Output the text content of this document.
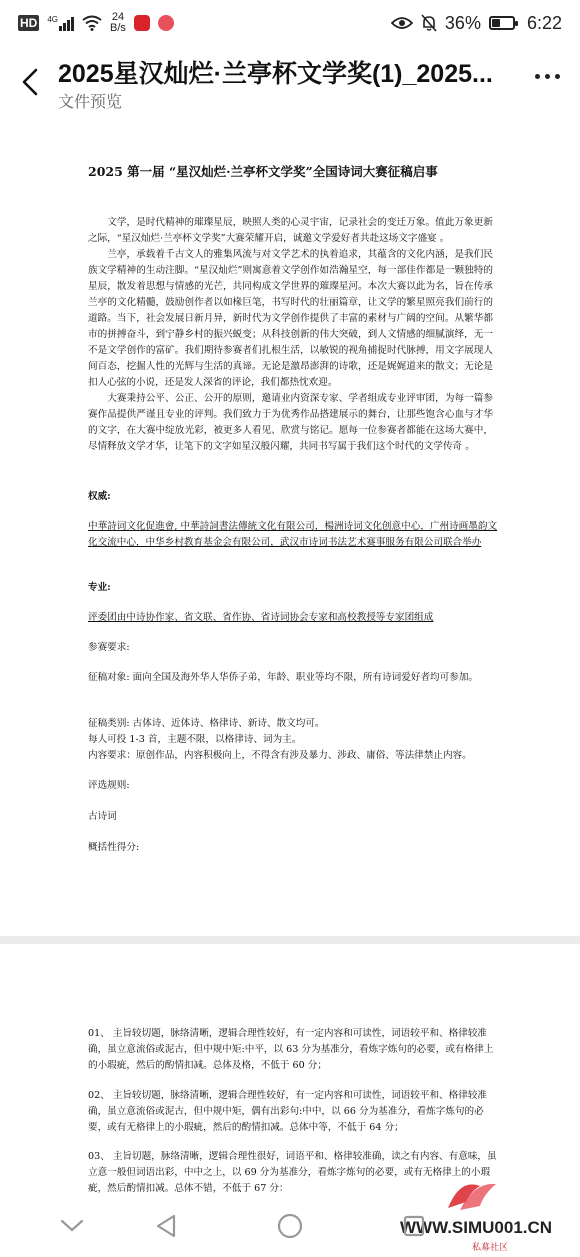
HD 4G	24
B/s	36%	6:22
2025星汉灿烂·兰亭杯文学奖(1)_2025...
文件预览
2025 第一届 “星汉灿烂·兰亭杯文学奖”全国诗词大赛征稿启事

文学，是时代精神的璀璨星辰，映照人类的心灵宇宙，记录社会的变迁万象。值此万象更新之际，“星汉灿烂·兰亭杯文学奖”大赛荣耀开启，诚邀文学爱好者共赴这场文字盛宴 。

兰亭，承载着千古文人的雅集风流与对文学艺术的执着追求，其蕴含的文化内涵，是我们民族文学精神的生动注脚。“星汉灿烂”则寓意着文学创作如浩瀚星空，每一部佳作都是一颗独特的星辰，散发着思想与情感的光芒，共同构成文学世界的璀璨星河。本次大赛以此为名，旨在传承兰亭的文化精髓，鼓励创作者以如椽巨笔，书写时代的壮丽篇章，让文学的繁星照亮我们前行的道路。当下，社会发展日新月异，新时代为文学创作提供了丰富的素材与广阔的空间。从繁华都市的拼搏奋斗，到宁静乡村的振兴蜕变；从科技创新的伟大突破，到人文情感的细腻演绎，无一不是文学创作的富矿。我们期待参赛者们扎根生活，以敏锐的视角捕捉时代脉搏，用文字展现人间百态，挖掘人性的光辉与生活的真谛。无论是激昂澎湃的诗歌，还是娓娓道来的散文；无论是扣人心弦的小说，还是发人深省的评论，我们都热忱欢迎。

大赛秉持公平、公正、公开的原则，邀请业内资深专家、学者组成专业评审团，为每一篇参赛作品提供严谨且专业的评判。我们致力于为优秀作品搭建展示的舞台，让那些饱含心血与才华的文字，在大赛中绽放光彩，被更多人看见、欣赏与铭记。愿每一位参赛者都能在这场大赛中，尽情释放文学才华，让笔下的文字如星汉般闪耀，共同书写属于我们这个时代的文学传奇 。

权威:
中華詩词文化促進會, 中華詩詞書法傳統文化有限公司，楊洲诗词文化创意中心，广州诗画墨韵文化交流中心，中华乡村教育基金会有限公司，武汉市诗词书法艺术赛事服务有限公司联合举办
专业:
评委团由中诗协作家、省文联、省作协、省诗词协会专家和高校教授等专家团组成
参赛要求:
征稿对象: 面向全国及海外华人华侨子弟，年龄、职业等均不限，所有诗词爱好者均可参加。
征稿类别: 古体诗、近体诗、格律诗、新诗、散文均可。
每人可投 1-3 首，主题不限，以格律诗、词为主。
内容要求：原创作品，内容积极向上，不得含有涉及暴力、涉政、庸俗、等法律禁止内容。
评选规则:
古诗词
概括性得分:
01、 主旨较切题，脉络清晰，逻辑合理性较好，有一定内容和可读性，词语较平和、格律较准确，虽立意流俗或泥古，但中规中矩:中平，以 63 分为基准分，看炼字炼句的必要，或有格律上的小瑕疵，然后的酌情扣减。总体及格，不低于 60 分；
02、 主旨较切题，脉络清晰，逻辑合理性较好，有一定内容和可读性，词语较平和、格律较准确，虽立意流俗或泥古，但中规中矩，偶有出彩句:中中，以 66 分为基准分，看炼字炼句的必要，或有无格律上的小瑕疵，然后的酌情扣减。总体中等，不低于 64 分；
03、 主旨切题，脉络清晰，逻辑合理性很好，词语平和、格律较准确，读之有内容、有意味，虽立意一般但词语出彩，中中之上，以 69 分为基准分，看炼字炼句的必要，或有无格律上的小瑕疵，然后酌情扣减。总体不错，不低于 67 分：
WWW.SIMU001.CN
私募社区
